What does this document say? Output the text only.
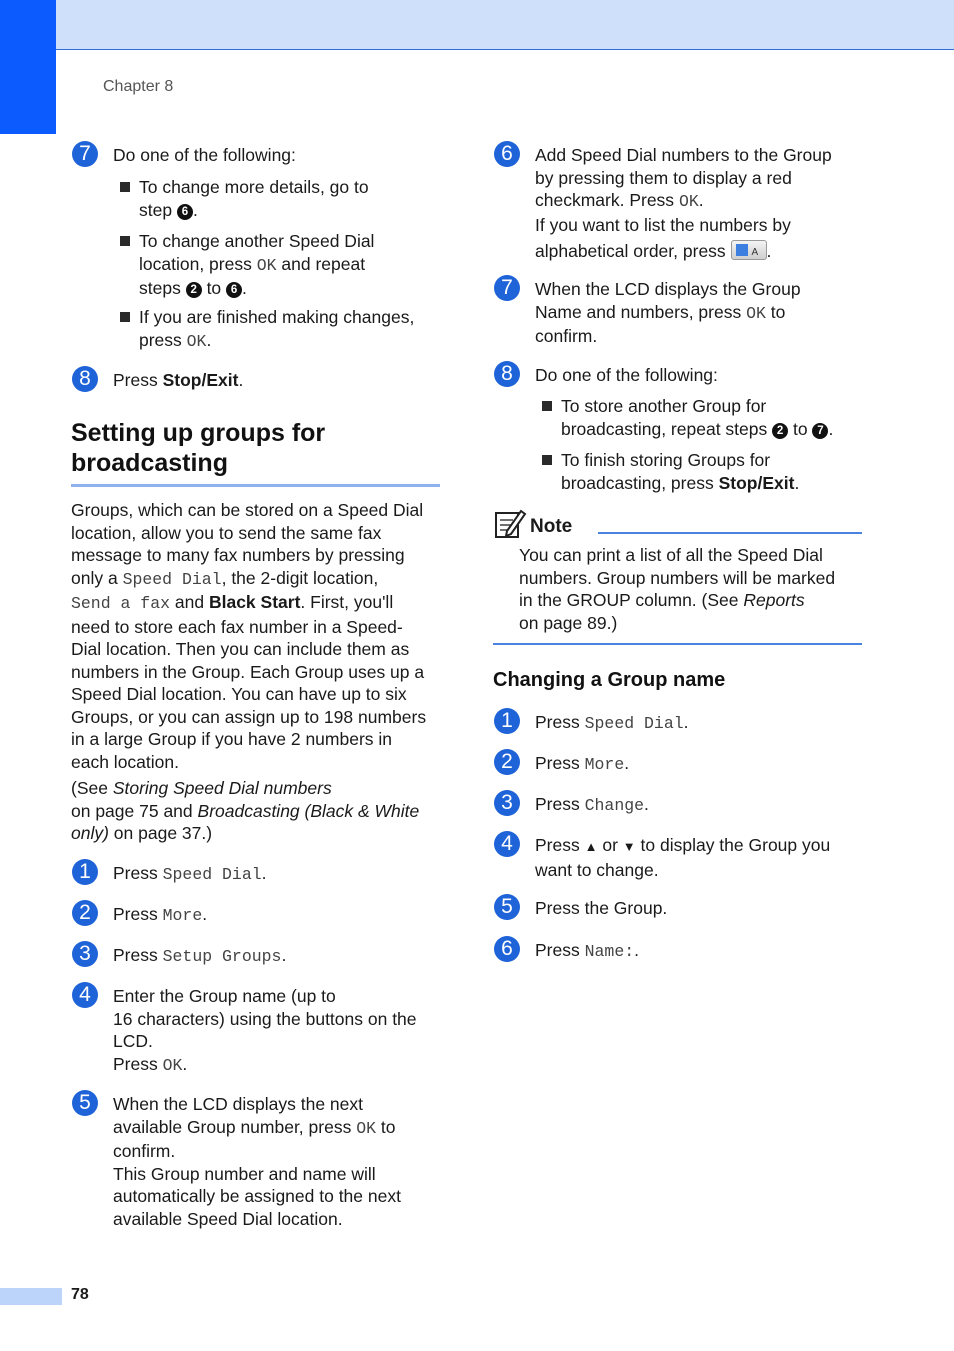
Chapter 8
7	Do one of the following:
To change more details, go to
step 6 .
To change another Speed Dial
location, press OK and repeat
steps 2 to 6 .
If you are finished making changes,
press OK.
8	Press Stop/Exit.
Setting up groups for
broadcasting
Groups, which can be stored on a Speed Dial
location, allow you to send the same fax
message to many fax numbers by pressing
only a Speed Dial, the 2-digit location,
Send a fax and Black Start. First, you'll
need to store each fax number in a Speed-
Dial location. Then you can include them as
numbers in the Group. Each Group uses up a
Speed Dial location. You can have up to six
Groups, or you can assign up to 198 numbers
in a large Group if you have 2 numbers in
each location.
(See Storing Speed Dial numbers
on page 75 and Broadcasting (Black & White
only) on page 37.)
1	Press Speed Dial.
2	Press More.
3	Press Setup Groups.
4	Enter the Group name (up to
16 characters) using the buttons on the
LCD.
Press OK.
5	When the LCD displays the next
available Group number, press OK to
confirm.
This Group number and name will
automatically be assigned to the next
available Speed Dial location.
6	Add Speed Dial numbers to the Group
by pressing them to display a red
checkmark. Press OK.
If you want to list the numbers by
alphabetical order, press A .
7	When the LCD displays the Group
Name and numbers, press OK to
confirm.
8	Do one of the following:
To store another Group for
broadcasting, repeat steps 2 to 7 .
To finish storing Groups for
broadcasting, press Stop/Exit.
Note
You can print a list of all the Speed Dial
numbers. Group numbers will be marked
in the GROUP column. (See Reports
on page 89.)
Changing a Group name
1	Press Speed Dial.
2	Press More.
3	Press Change.
4	Press ▲ or ▼ to display the Group you
want to change.
5	Press the Group.
6	Press Name:.
78
